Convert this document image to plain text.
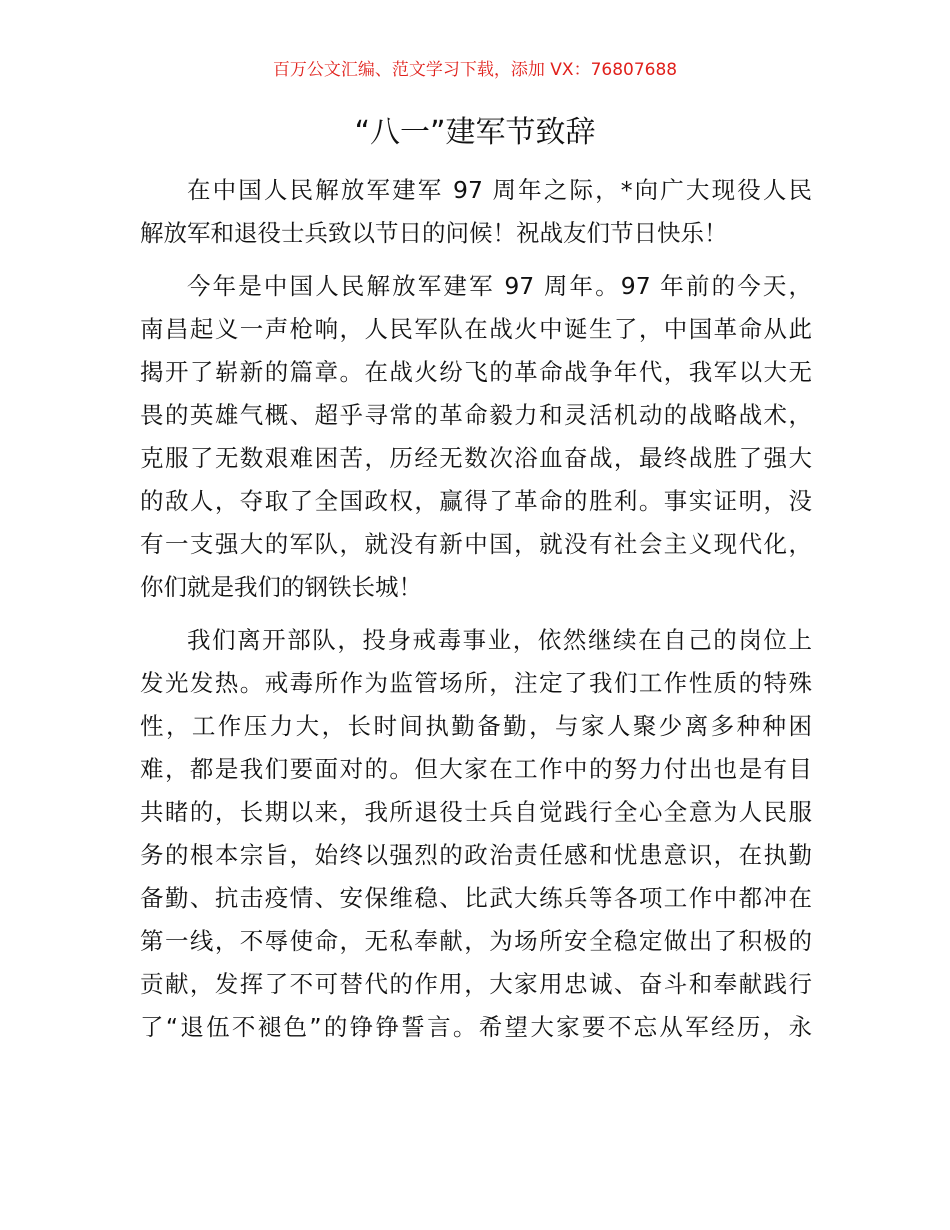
百万公文汇编、范文学习下载，添加 VX：76807688
“八一”建军节致辞
在中国人民解放军建军 97 周年之际，*向广大现役人民
解放军和退役士兵致以节日的问候！祝战友们节日快乐！
今年是中国人民解放军建军 97 周年。97 年前的今天，
南昌起义一声枪响，人民军队在战火中诞生了，中国革命从此
揭开了崭新的篇章。在战火纷飞的革命战争年代，我军以大无
畏的英雄气概、超乎寻常的革命毅力和灵活机动的战略战术，
克服了无数艰难困苦，历经无数次浴血奋战，最终战胜了强大
的敌人，夺取了全国政权，赢得了革命的胜利。事实证明，没
有一支强大的军队，就没有新中国，就没有社会主义现代化，
你们就是我们的钢铁长城！
我们离开部队，投身戒毒事业，依然继续在自己的岗位上
发光发热。戒毒所作为监管场所，注定了我们工作性质的特殊
性，工作压力大，长时间执勤备勤，与家人聚少离多种种困
难，都是我们要面对的。但大家在工作中的努力付出也是有目
共睹的，长期以来，我所退役士兵自觉践行全心全意为人民服
务的根本宗旨，始终以强烈的政治责任感和忧患意识，在执勤
备勤、抗击疫情、安保维稳、比武大练兵等各项工作中都冲在
第一线，不辱使命，无私奉献，为场所安全稳定做出了积极的
贡献，发挥了不可替代的作用，大家用忠诚、奋斗和奉献践行
了“退伍不褪色”的铮铮誓言。希望大家要不忘从军经历，永
